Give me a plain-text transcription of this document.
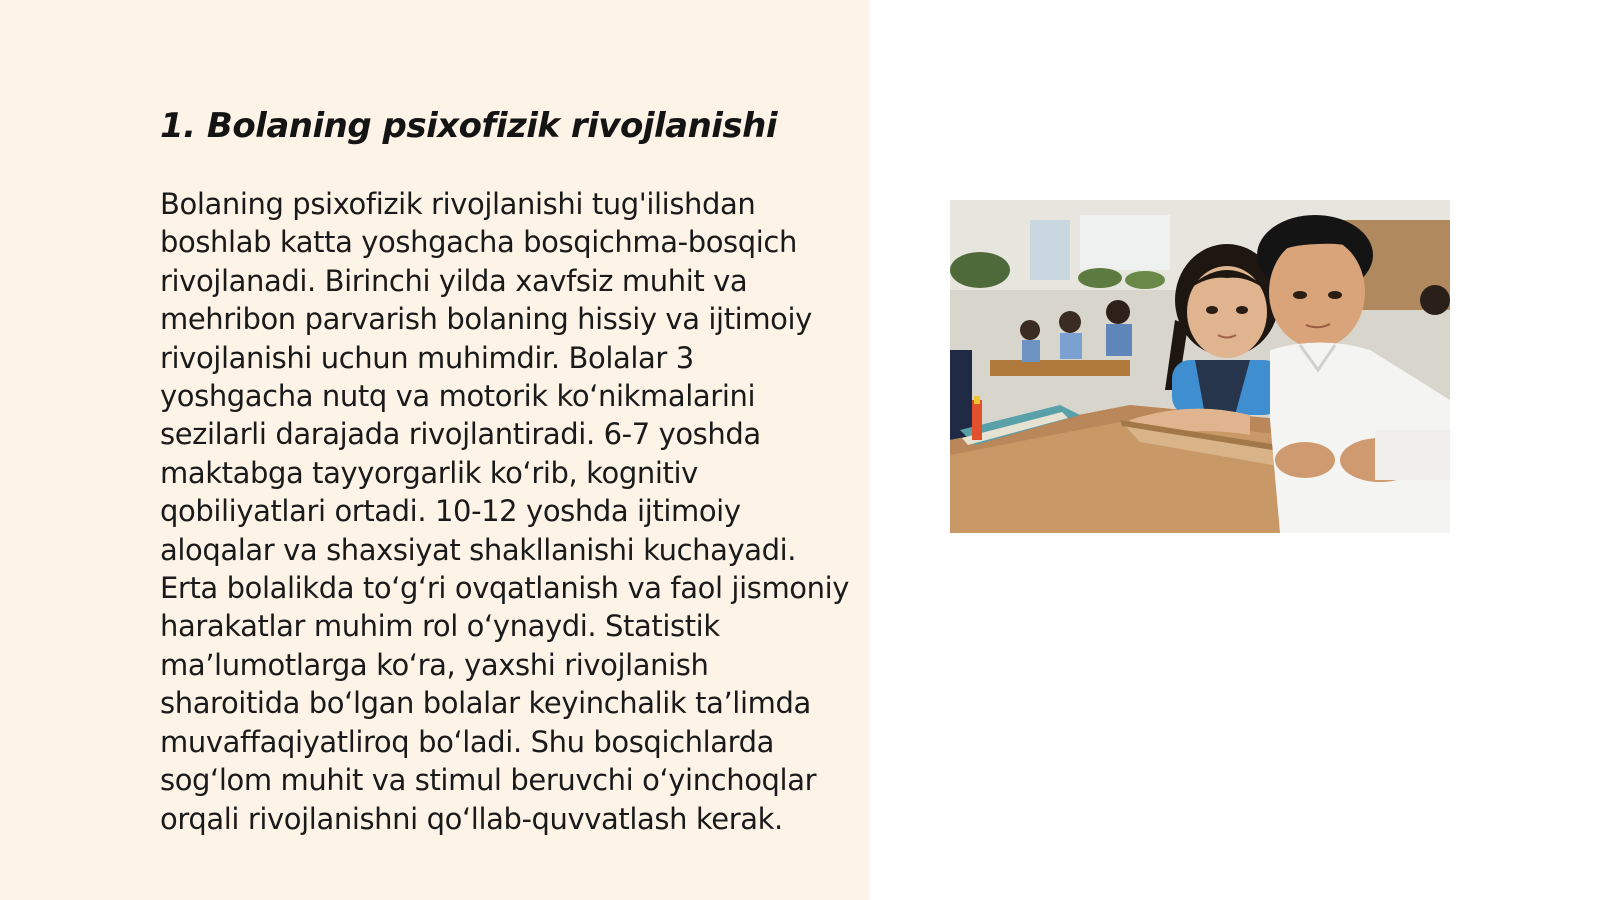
1. Bolaning psixofizik rivojlanishi

Bolaning psixofizik rivojlanishi tug'ilishdan boshlab katta yoshgacha bosqichma-bosqich rivojlanadi. Birinchi yilda xavfsiz muhit va mehribon parvarish bolaning hissiy va ijtimoiy rivojlanishi uchun muhimdir. Bolalar 3 yoshgacha nutq va motorik koʻnikmalarini sezilarli darajada rivojlantiradi. 6-7 yoshda maktabga tayyorgarlik koʻrib, kognitiv qobiliyatlari ortadi. 10-12 yoshda ijtimoiy aloqalar va shaxsiyat shakllanishi kuchayadi. Erta bolalikda toʻgʻri ovqatlanish va faol jismoniy harakatlar muhim rol oʻynaydi. Statistik maʼlumotlarga koʻra, yaxshi rivojlanish sharoitida boʻlgan bolalar keyinchalik taʼlimda muvaffaqiyatliroq boʻladi. Shu bosqichlarda sogʻlom muhit va stimul beruvchi oʻyinchoqlar orqali rivojlanishni qoʻllab-quvvatlash kerak.
